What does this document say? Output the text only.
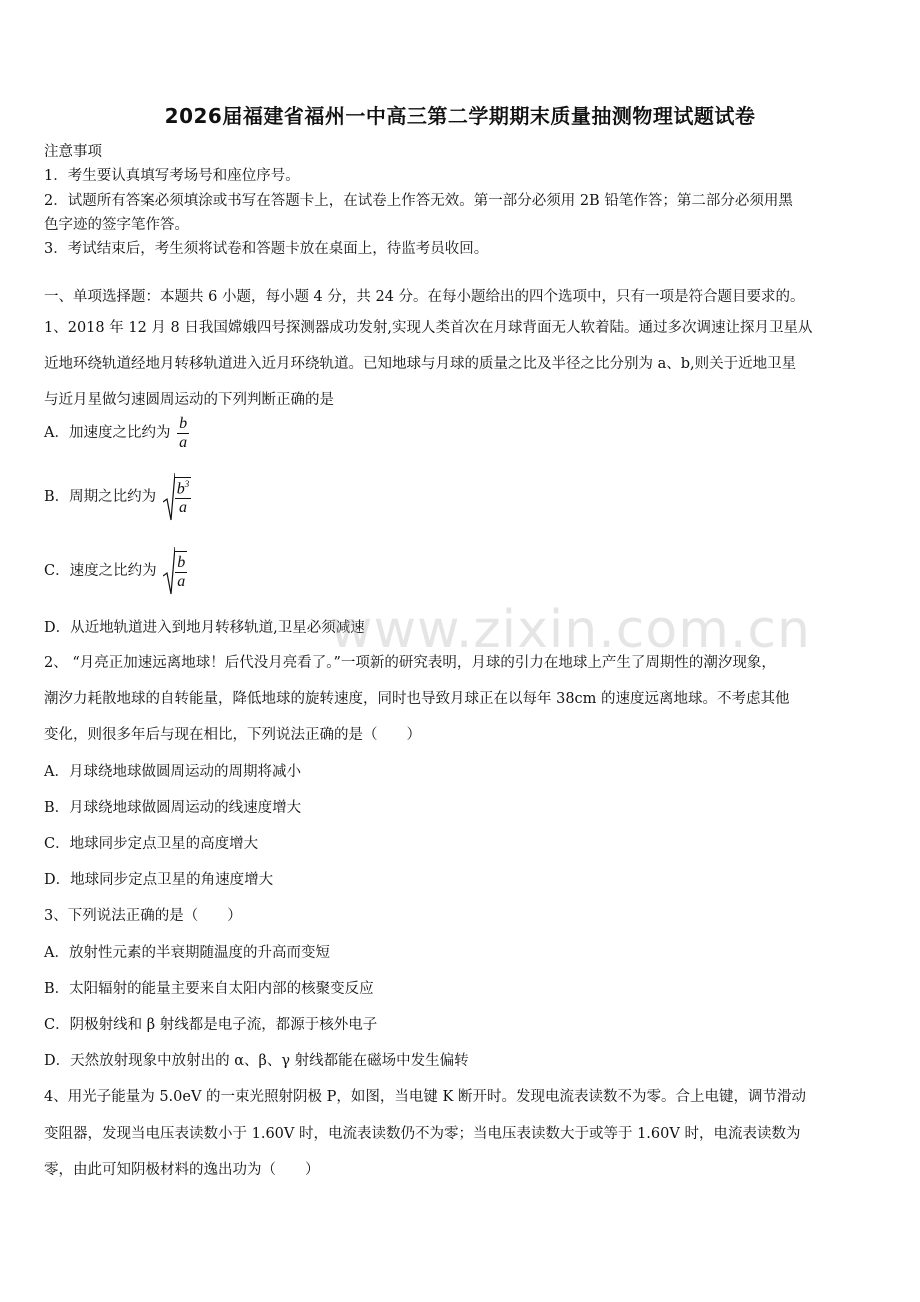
2026届福建省福州一中高三第二学期期末质量抽测物理试题试卷
注意事项
1．考生要认真填写考场号和座位序号。
2．试题所有答案必须填涂或书写在答题卡上，在试卷上作答无效。第一部分必须用 2B 铅笔作答；第二部分必须用黑
色字迹的签字笔作答。
3．考试结束后，考生须将试卷和答题卡放在桌面上，待监考员收回。
一、单项选择题：本题共 6 小题，每小题 4 分，共 24 分。在每小题给出的四个选项中，只有一项是符合题目要求的。
1、2018 年 12 月 8 日我国嫦娥四号探测器成功发射,实现人类首次在月球背面无人软着陆。通过多次调速让探月卫星从
近地环绕轨道经地月转移轨道进入近月环绕轨道。已知地球与月球的质量之比及半径之比分别为 a、b,则关于近地卫星
与近月星做匀速圆周运动的下列判断正确的是
A．加速度之比约为 $\frac{b}{a}$
B．周期之比约为 $\frac{b^3}{a}$
C．速度之比约为 $\frac{b}{a}$
D．从近地轨道进入到地月转移轨道,卫星必须减速
www.zixin.com.cn
2、 “月亮正加速远离地球！后代没月亮看了。”一项新的研究表明，月球的引力在地球上产生了周期性的潮汐现象，
潮汐力耗散地球的自转能量，降低地球的旋转速度，同时也导致月球正在以每年 38cm 的速度远离地球。不考虑其他
变化，则很多年后与现在相比，下列说法正确的是（　　）
A．月球绕地球做圆周运动的周期将减小
B．月球绕地球做圆周运动的线速度增大
C．地球同步定点卫星的高度增大
D．地球同步定点卫星的角速度增大
3、下列说法正确的是（　　）
A．放射性元素的半衰期随温度的升高而变短
B．太阳辐射的能量主要来自太阳内部的核聚变反应
C．阴极射线和 β 射线都是电子流，都源于核外电子
D．天然放射现象中放射出的 α、β、γ 射线都能在磁场中发生偏转
4、用光子能量为 5.0eV 的一束光照射阴极 P，如图，当电键 K 断开时。发现电流表读数不为零。合上电键，调节滑动
变阻器，发现当电压表读数小于 1.60V 时，电流表读数仍不为零；当电压表读数大于或等于 1.60V 时，电流表读数为
零，由此可知阴极材料的逸出功为（　　）
